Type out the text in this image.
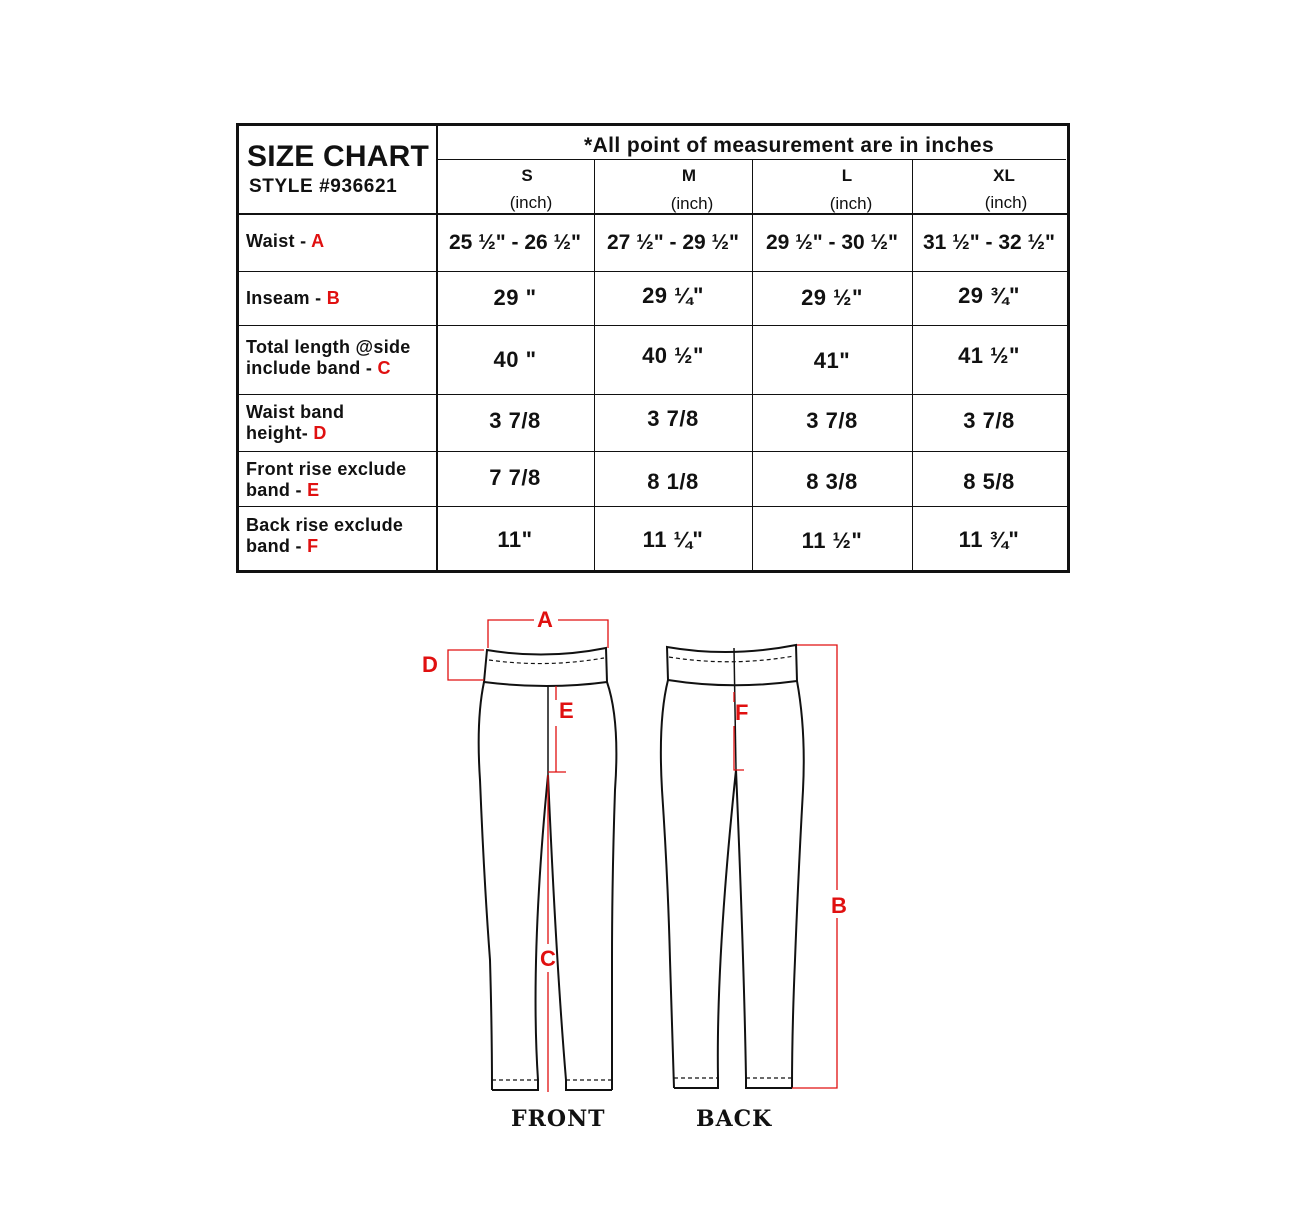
SIZE CHART
STYLE #936621
*All point of measurement are in inches
S
(inch)
M
(inch)
L
(inch)
XL
(inch)
Waist - A	25 ½" - 26 ½"	27 ½" - 29 ½"	29 ½" - 30 ½"	31 ½" - 32 ½"
Inseam - B	29 "	29 ¼"	29 ½"	29 ¾"
Total length @side
include band - C	40 "	40 ½"	41"	41 ½"
Waist band
height- D	3 7/8	3 7/8	3 7/8	3 7/8
Front rise exclude
band - E	7 7/8	8 1/8	8 3/8	8 5/8
Back rise exclude
band - F	11"	11 ¼"	11 ½"	11 ¾"
A
D
E	F
C
B
FRONT	BACK
